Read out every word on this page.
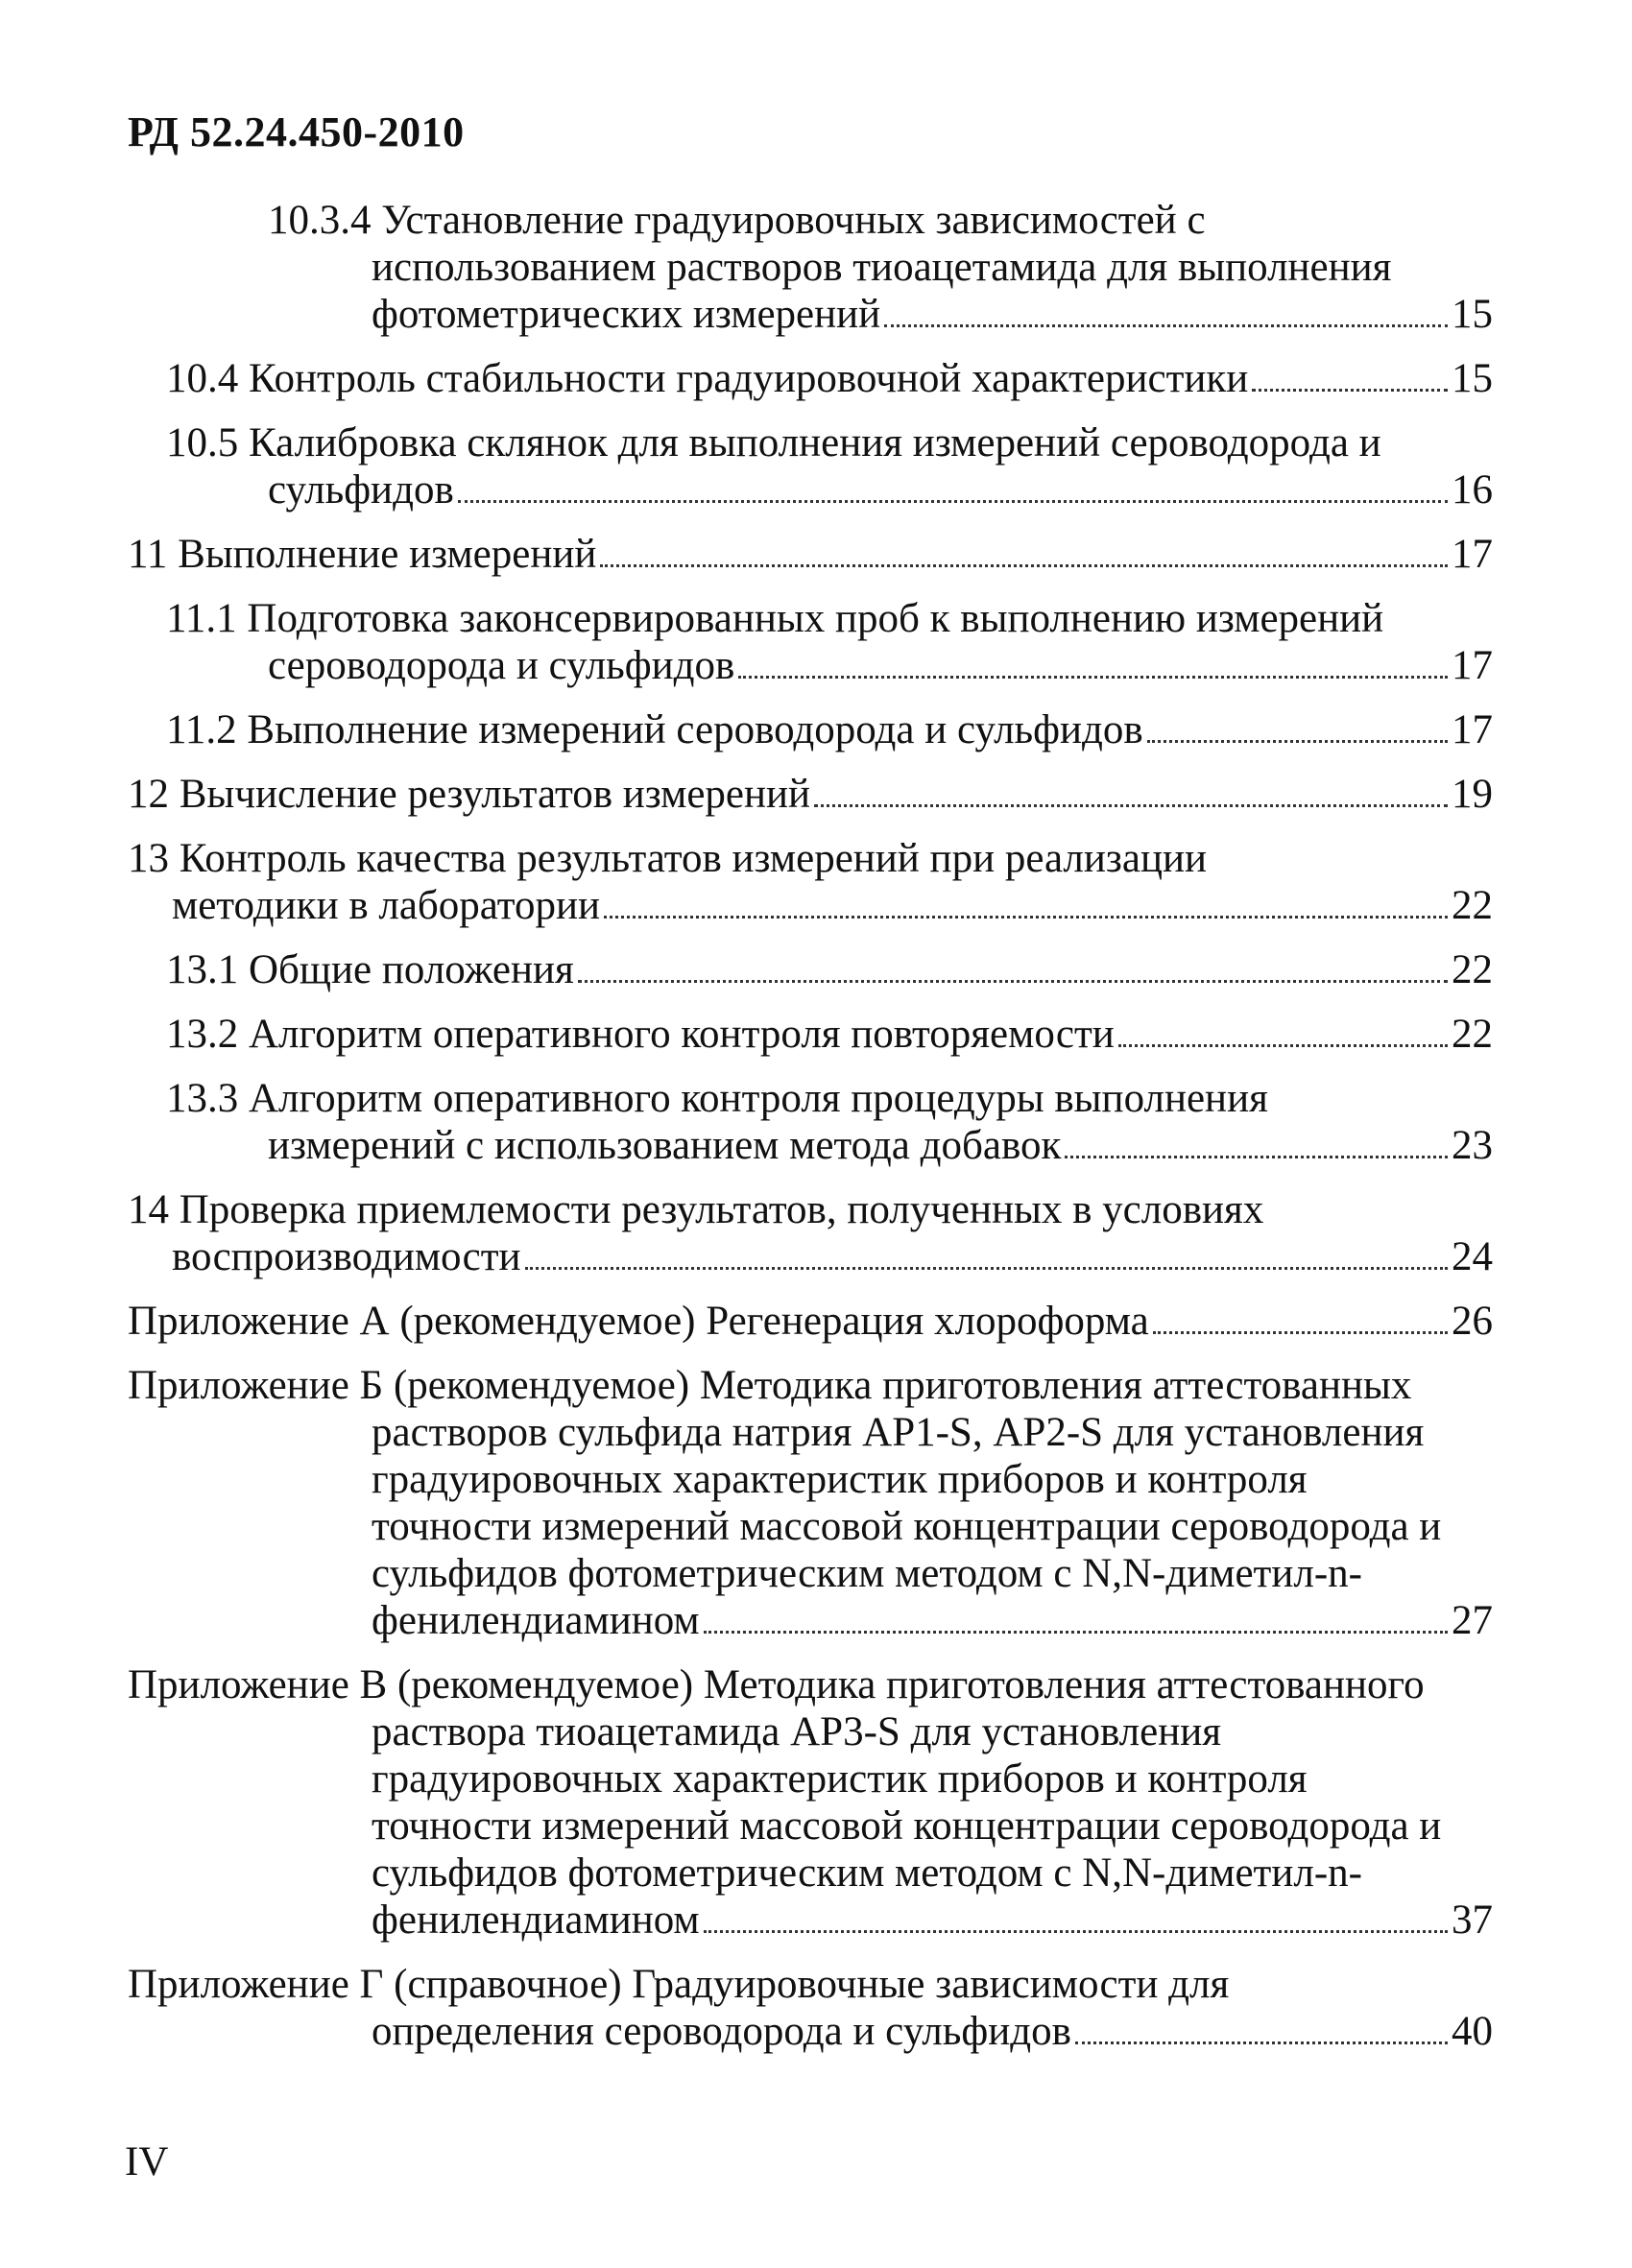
РД 52.24.450-2010
10.3.4 Установление градуировочных зависимостей с
использованием растворов тиоацетамида для выполнения
фотометрических измерений	15
10.4 Контроль стабильности градуировочной характеристики	15
10.5 Калибровка склянок для выполнения измерений сероводорода и
сульфидов	16
11 Выполнение измерений	17
11.1 Подготовка законсервированных проб к выполнению измерений
сероводорода и сульфидов	17
11.2 Выполнение измерений сероводорода и сульфидов	17
12 Вычисление результатов измерений	19
13 Контроль качества результатов измерений при реализации
методики в лаборатории	22
13.1 Общие положения	22
13.2 Алгоритм оперативного контроля повторяемости	22
13.3 Алгоритм оперативного контроля процедуры выполнения
измерений с использованием метода добавок	23
14 Проверка приемлемости результатов, полученных в условиях
воспроизводимости	24
Приложение А (рекомендуемое) Регенерация хлороформа	26
Приложение Б (рекомендуемое) Методика приготовления аттестованных
растворов сульфида натрия АР1-S, АР2-S для установления
градуировочных характеристик приборов и контроля
точности измерений массовой концентрации сероводорода и
сульфидов фотометрическим методом с N,N-диметил-n-
фенилендиамином	27
Приложение В (рекомендуемое) Методика приготовления аттестованного
раствора тиоацетамида АР3-S для установления
градуировочных характеристик приборов и контроля
точности измерений массовой концентрации сероводорода и
сульфидов фотометрическим методом с N,N-диметил-n-
фенилендиамином	37
Приложение Г (справочное) Градуировочные зависимости для
определения сероводорода и сульфидов	40
IV
